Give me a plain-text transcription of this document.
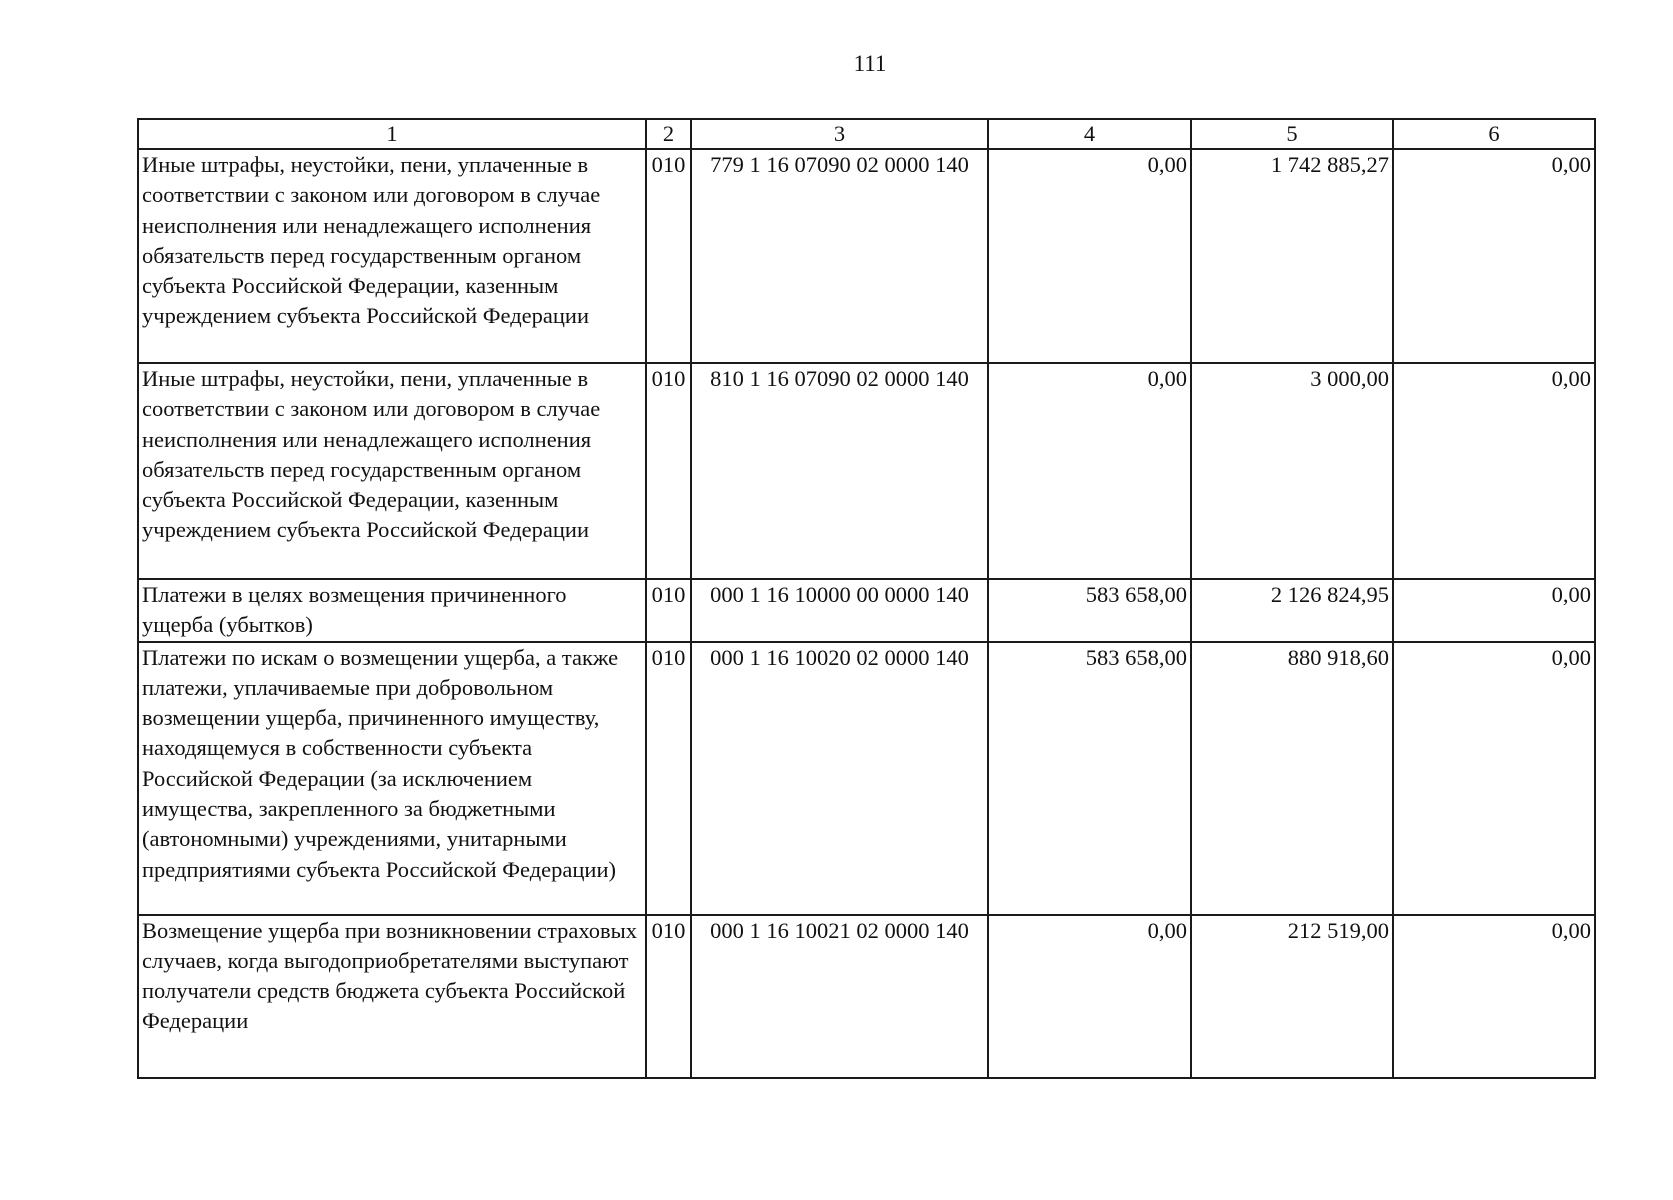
111
1	2	3	4	5	6
Иные штрафы, неустойки, пени, уплаченные в соответствии с законом или договором в случае неисполнения или ненадлежащего исполнения обязательств перед государственным органом субъекта Российской Федерации, казенным учреждением субъекта Российской Федерации	010	779 1 16 07090 02 0000 140	0,00	1 742 885,27	0,00
Иные штрафы, неустойки, пени, уплаченные в соответствии с законом или договором в случае неисполнения или ненадлежащего исполнения обязательств перед государственным органом субъекта Российской Федерации, казенным учреждением субъекта Российской Федерации	010	810 1 16 07090 02 0000 140	0,00	3 000,00	0,00
Платежи в целях возмещения причиненного ущерба (убытков)	010	000 1 16 10000 00 0000 140	583 658,00	2 126 824,95	0,00
Платежи по искам о возмещении ущерба, а также платежи, уплачиваемые при добровольном возмещении ущерба, причиненного имуществу, находящемуся в собственности субъекта Российской Федерации (за исключением имущества, закрепленного за бюджетными (автономными) учреждениями, унитарными предприятиями субъекта Российской Федерации)	010	000 1 16 10020 02 0000 140	583 658,00	880 918,60	0,00
Возмещение ущерба при возникновении страховых случаев, когда выгодоприобретателями выступают получатели средств бюджета субъекта Российской Федерации	010	000 1 16 10021 02 0000 140	0,00	212 519,00	0,00
